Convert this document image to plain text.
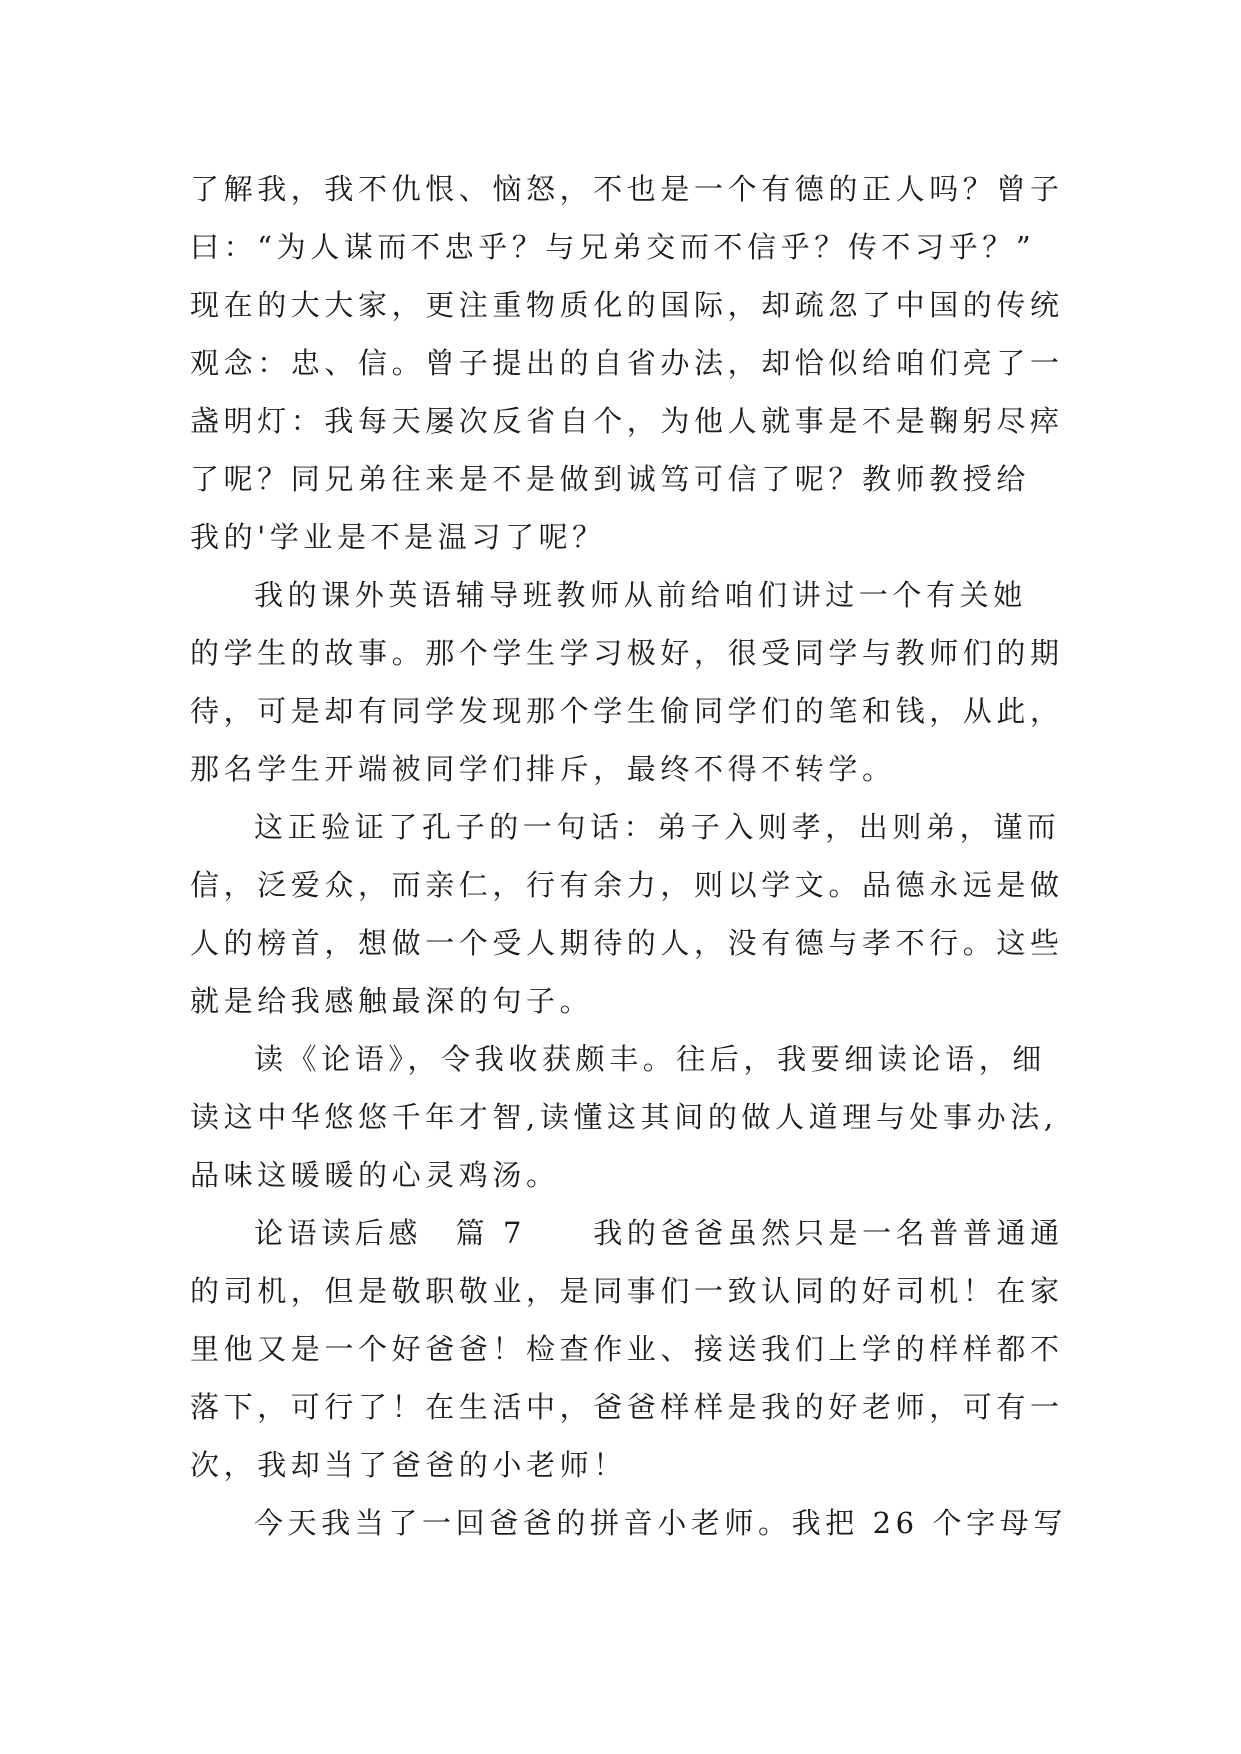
了解我，我不仇恨、恼怒，不也是一个有德的正人吗？曾子
曰：“为人谋而不忠乎？与兄弟交而不信乎？传不习乎？”
现在的大大家，更注重物质化的国际，却疏忽了中国的传统
观念：忠、信。曾子提出的自省办法，却恰似给咱们亮了一
盏明灯：我每天屡次反省自个，为他人就事是不是鞠躬尽瘁
了呢？同兄弟往来是不是做到诚笃可信了呢？教师教授给
我的'学业是不是温习了呢？
我的课外英语辅导班教师从前给咱们讲过一个有关她
的学生的故事。那个学生学习极好，很受同学与教师们的期
待，可是却有同学发现那个学生偷同学们的笔和钱，从此，
那名学生开端被同学们排斥，最终不得不转学。
这正验证了孔子的一句话：弟子入则孝，出则弟，谨而
信，泛爱众，而亲仁，行有余力，则以学文。品德永远是做
人的榜首，想做一个受人期待的人，没有德与孝不行。这些
就是给我感触最深的句子。
读《论语》，令我收获颇丰。往后，我要细读论语，细
读这中华悠悠千年才智,读懂这其间的做人道理与处事办法,
品味这暖暖的心灵鸡汤。
论语读后感　篇 7　　我的爸爸虽然只是一名普普通通
的司机，但是敬职敬业，是同事们一致认同的好司机！在家
里他又是一个好爸爸！检查作业、接送我们上学的样样都不
落下，可行了！在生活中，爸爸样样是我的好老师，可有一
次，我却当了爸爸的小老师！
今天我当了一回爸爸的拼音小老师。我把 26 个字母写
